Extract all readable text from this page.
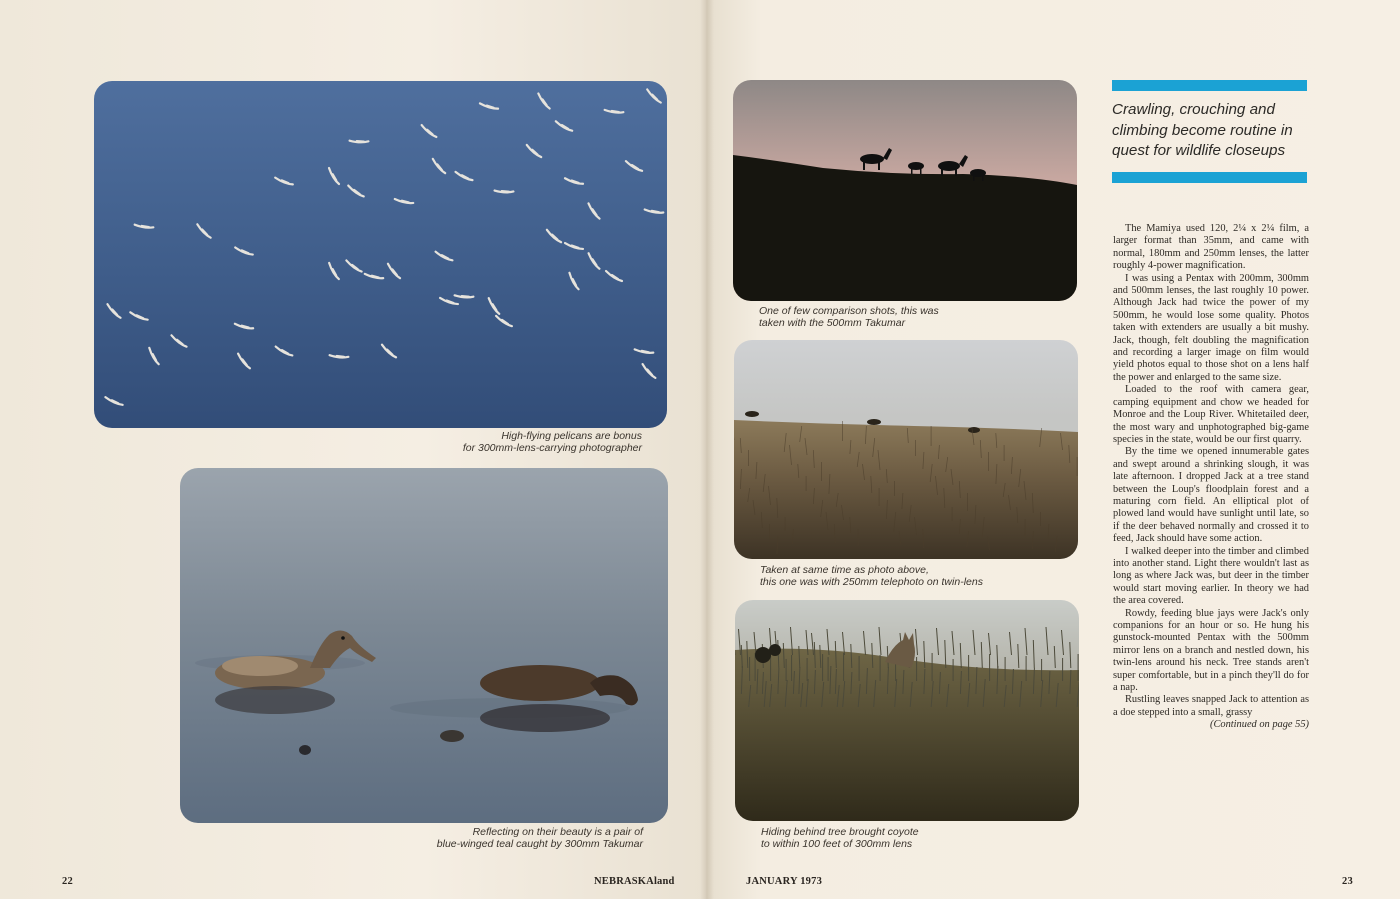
High-flying pelicans are bonus
for 300mm-lens-carrying photographer
Reflecting on their beauty is a pair of
blue-winged teal caught by 300mm Takumar
One of few comparison shots, this was
taken with the 500mm Takumar
Taken at same time as photo above,
this one was with 250mm telephoto on twin-lens
Hiding behind tree brought coyote
to within 100 feet of 300mm lens
Crawling, crouching and climbing become routine in quest for wildlife closeups

The Mamiya used 120, 2¼ x 2¼ film, a larger format than 35mm, and came with normal, 180mm and 250mm lenses, the latter roughly 4-power magnification.

I was using a Pentax with 200mm, 300mm and 500mm lenses, the last roughly 10 power. Although Jack had twice the power of my 500mm, he would lose some quality. Photos taken with extenders are usually a bit mushy. Jack, though, felt doubling the magnification and recording a larger image on film would yield photos equal to those shot on a lens half the power and enlarged to the same size.

Loaded to the roof with camera gear, camping equipment and chow we headed for Monroe and the Loup River. Whitetailed deer, the most wary and unphotographed big-game species in the state, would be our first quarry.

By the time we opened innumerable gates and swept around a shrinking slough, it was late afternoon. I dropped Jack at a tree stand between the Loup's floodplain forest and a maturing corn field. An elliptical plot of plowed land would have sunlight until late, so if the deer behaved normally and crossed it to feed, Jack should have some action.

I walked deeper into the timber and climbed into another stand. Light there wouldn't last as long as where Jack was, but deer in the timber would start moving earlier. In theory we had the area covered.

Rowdy, feeding blue jays were Jack's only companions for an hour or so. He hung his gunstock-mounted Pentax with the 500mm mirror lens on a branch and nestled down, his twin-lens around his neck. Tree stands aren't super comfortable, but in a pinch they'll do for a nap.

Rustling leaves snapped Jack to attention as a doe stepped into a small, grassy
(Continued on page 55)

22	NEBRASKAland	JANUARY 1973	23
